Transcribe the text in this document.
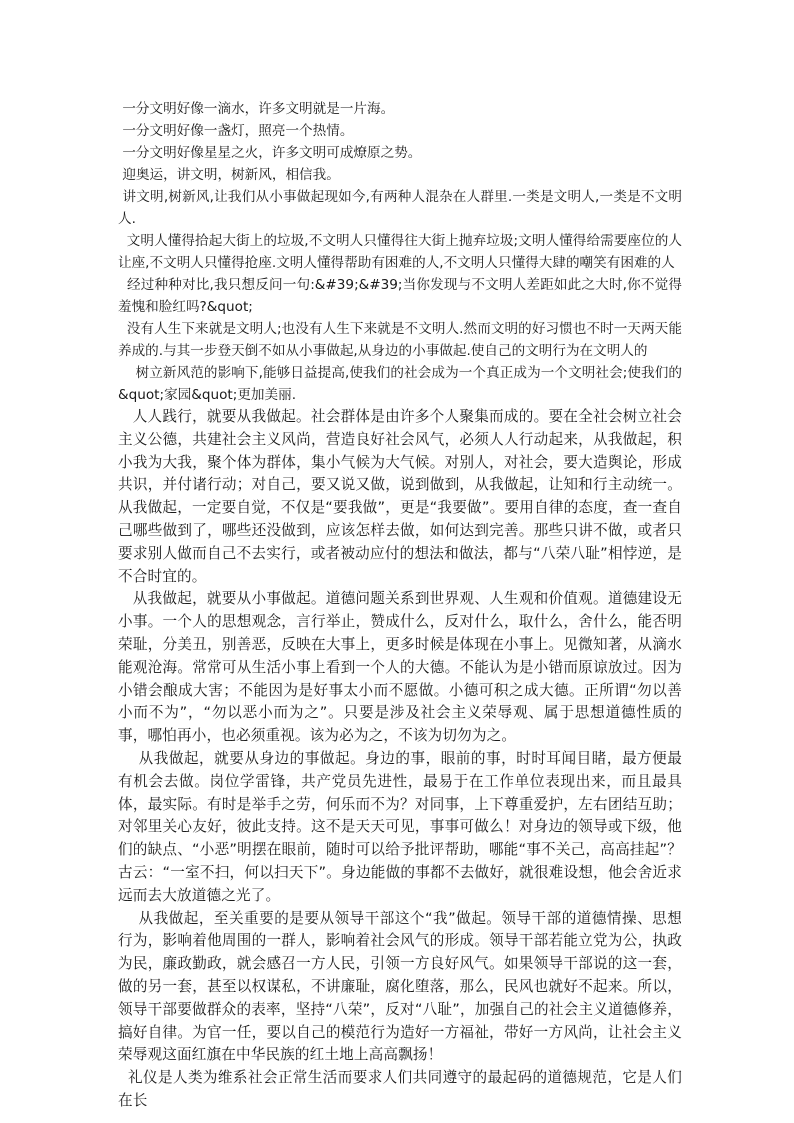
一分文明好像一滴水，许多文明就是一片海。

一分文明好像一盏灯，照亮一个热情。

一分文明好像星星之火，许多文明可成燎原之势。

迎奥运，讲文明，树新风，相信我。

讲文明,树新风,让我们从小事做起现如今,有两种人混杂在人群里.一类是文明人,一类是不文明人.

文明人懂得拾起大街上的垃圾,不文明人只懂得往大街上抛弃垃圾;文明人懂得给需要座位的人让座,不文明人只懂得抢座.文明人懂得帮助有困难的人,不文明人只懂得大肆的嘲笑有困难的人

经过种种对比,我只想反问一句:&#39;&#39;当你发现与不文明人差距如此之大时,你不觉得羞愧和脸红吗?&quot;

没有人生下来就是文明人;也没有人生下来就是不文明人.然而文明的好习惯也不时一天两天能养成的.与其一步登天倒不如从小事做起,从身边的小事做起.使自己的文明行为在文明人的

树立新风范的影响下,能够日益提高,使我们的社会成为一个真正成为一个文明社会;使我们的&quot;家园&quot;更加美丽.

人人践行，就要从我做起。社会群体是由许多个人聚集而成的。要在全社会树立社会主义公德，共建社会主义风尚，营造良好社会风气，必须人人行动起来，从我做起，积小我为大我，聚个体为群体，集小气候为大气候。对别人，对社会，要大造舆论，形成共识，并付诸行动；对自己，要又说又做，说到做到，从我做起，让知和行主动统一。从我做起，一定要自觉，不仅是“要我做”，更是“我要做”。要用自律的态度，查一查自己哪些做到了，哪些还没做到，应该怎样去做，如何达到完善。那些只讲不做，或者只要求别人做而自己不去实行，或者被动应付的想法和做法，都与“八荣八耻”相悖逆，是不合时宜的。

从我做起，就要从小事做起。道德问题关系到世界观、人生观和价值观。道德建设无小事。一个人的思想观念，言行举止，赞成什么，反对什么，取什么，舍什么，能否明荣耻，分美丑，别善恶，反映在大事上，更多时候是体现在小事上。见微知著，从滴水能观沧海。常常可从生活小事上看到一个人的大德。不能认为是小错而原谅放过。因为小错会酿成大害；不能因为是好事太小而不愿做。小德可积之成大德。正所谓“勿以善小而不为”，“勿以恶小而为之”。只要是涉及社会主义荣辱观、属于思想道德性质的事，哪怕再小，也必须重视。该为必为之，不该为切勿为之。

从我做起，就要从身边的事做起。身边的事，眼前的事，时时耳闻目睹，最方便最有机会去做。岗位学雷锋，共产党员先进性，最易于在工作单位表现出来，而且最具体，最实际。有时是举手之劳，何乐而不为？对同事，上下尊重爱护，左右团结互助；对邻里关心友好，彼此支持。这不是天天可见，事事可做么！对身边的领导或下级，他们的缺点、“小恶”明摆在眼前，随时可以给予批评帮助，哪能“事不关己，高高挂起”？古云：“一室不扫，何以扫天下”。身边能做的事都不去做好，就很难设想，他会舍近求远而去大放道德之光了。

从我做起，至关重要的是要从领导干部这个“我”做起。领导干部的道德情操、思想行为，影响着他周围的一群人，影响着社会风气的形成。领导干部若能立党为公，执政为民，廉政勤政，就会感召一方人民，引领一方良好风气。如果领导干部说的这一套，做的另一套，甚至以权谋私，不讲廉耻，腐化堕落，那么，民风也就好不起来。所以，领导干部要做群众的表率，坚持“八荣”，反对“八耻”，加强自己的社会主义道德修养，搞好自律。为官一任，要以自己的模范行为造好一方福祉，带好一方风尚，让社会主义荣辱观这面红旗在中华民族的红土地上高高飘扬！

礼仪是人类为维系社会正常生活而要求人们共同遵守的最起码的道德规范，它是人们在长
